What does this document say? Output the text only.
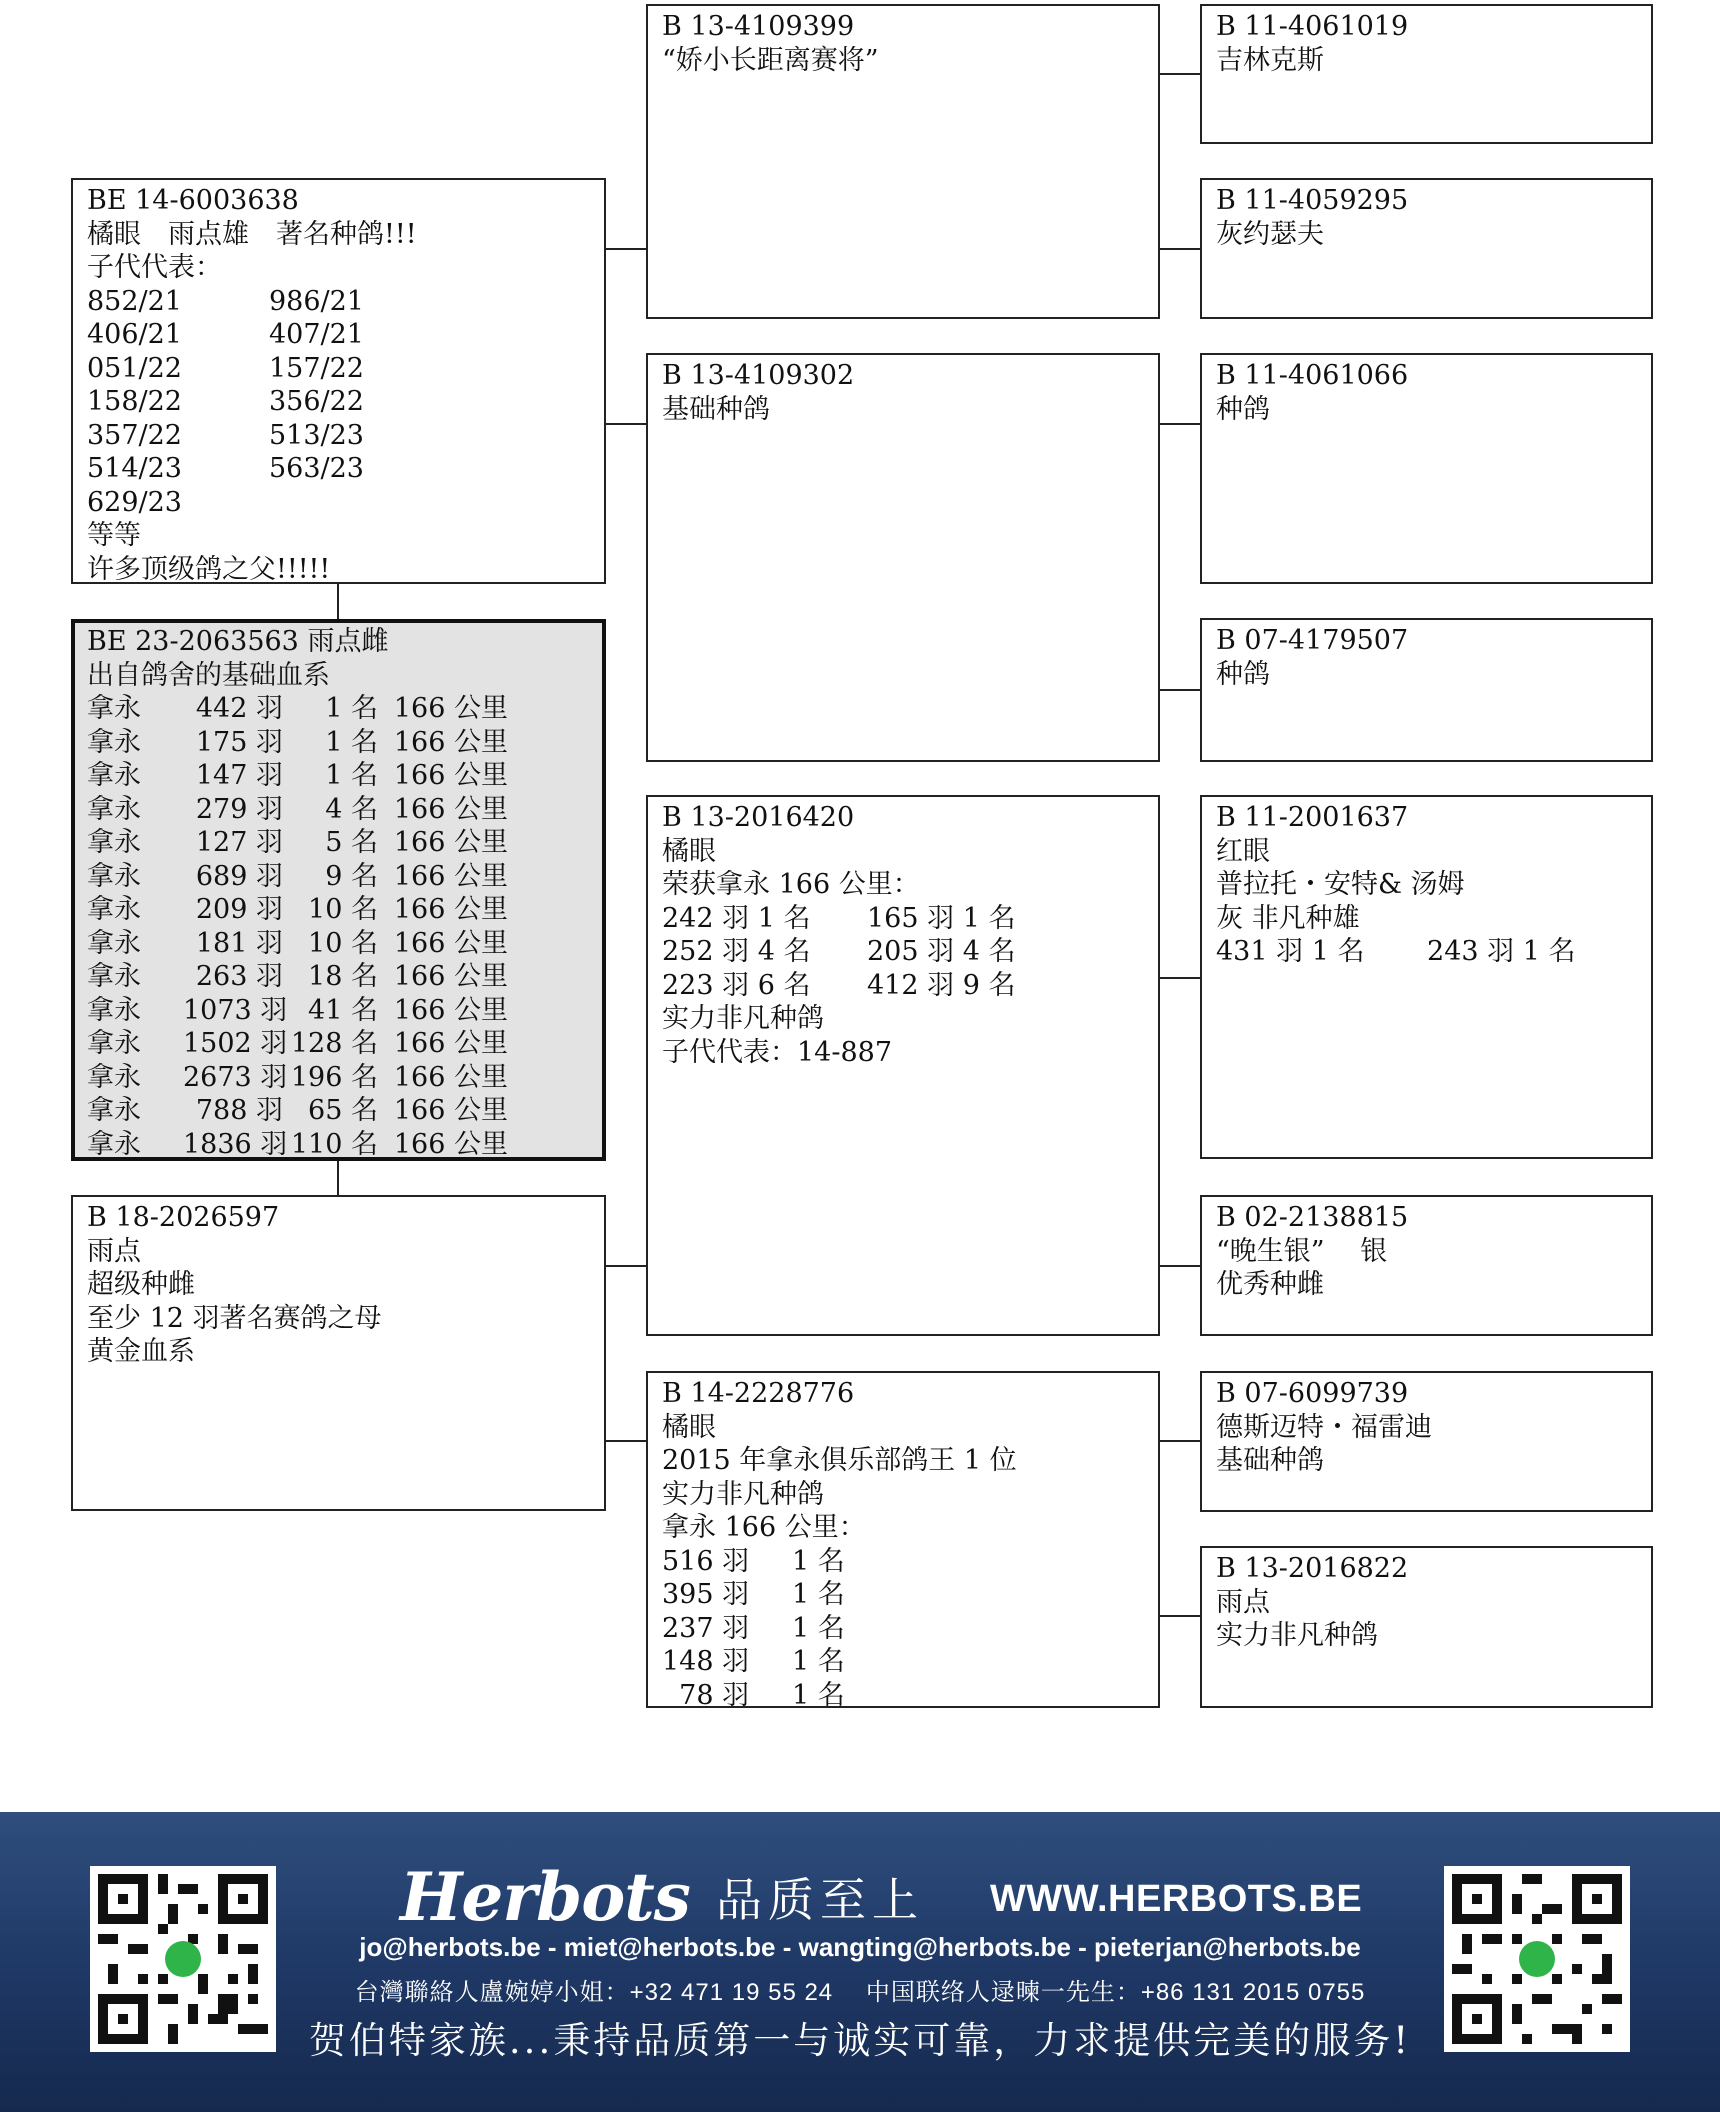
BE 14-6003638
橘眼　雨点雄　著名种鸽!!!
子代代表：
852/21	986/21
406/21	407/21
051/22	157/22
158/22	356/22
357/22	513/23
514/23	563/23
629/23
等等
许多顶级鸽之父!!!!!
BE 23-2063563 雨点雌
出自鸽舍的基础血系
拿永	442 羽	1 名 166 公里
拿永	175 羽	1 名 166 公里
拿永	147 羽	1 名 166 公里
拿永	279 羽	4 名 166 公里
拿永	127 羽	5 名 166 公里
拿永	689 羽	9 名 166 公里
拿永	209 羽 10 名 166 公里
拿永	181 羽 10 名 166 公里
拿永	263 羽 18 名 166 公里
拿永	1073 羽 41 名 166 公里
拿永	1502 羽 128 名 166 公里
拿永	2673 羽 196 名 166 公里
拿永	788 羽 65 名 166 公里
拿永	1836 羽 110 名 166 公里
B 18-2026597
雨点
超级种雌
至少 12 羽著名赛鸽之母
黄金血系
B 13-4109399
“娇小长距离赛将”
B 13-4109302
基础种鸽
B 13-2016420
橘眼
荣获拿永 166 公里：
242 羽 1 名	165 羽 1 名
252 羽 4 名	205 羽 4 名
223 羽 6 名	412 羽 9 名
实力非凡种鸽
子代代表：14-887
B 14-2228776
橘眼
2015 年拿永俱乐部鸽王 1 位
实力非凡种鸽
拿永 166 公里：
516 羽	1 名
395 羽	1 名
237 羽	1 名
148 羽	1 名
78 羽	1 名
B 11-4061019
吉林克斯
B 11-4059295
灰约瑟夫
B 11-4061066
种鸽
B 07-4179507
种鸽
B 11-2001637
红眼
普拉托・安特& 汤姆
灰 非凡种雄
431 羽 1 名　　 243 羽 1 名
B 02-2138815
“晚生银”　 银
优秀种雌
B 07-6099739
德斯迈特・福雷迪
基础种鸽
B 13-2016822
雨点
实力非凡种鸽
Herbots 品质至上 WWW.HERBOTS.BE
jo@herbots.be - miet@herbots.be - wangting@herbots.be - pieterjan@herbots.be
台灣聯絡人盧婉婷小姐：+32 471 19 55 24　 中国联络人逯暕一先生：+86 131 2015 0755
贺伯特家族...秉持品质第一与诚实可靠，力求提供完美的服务!
